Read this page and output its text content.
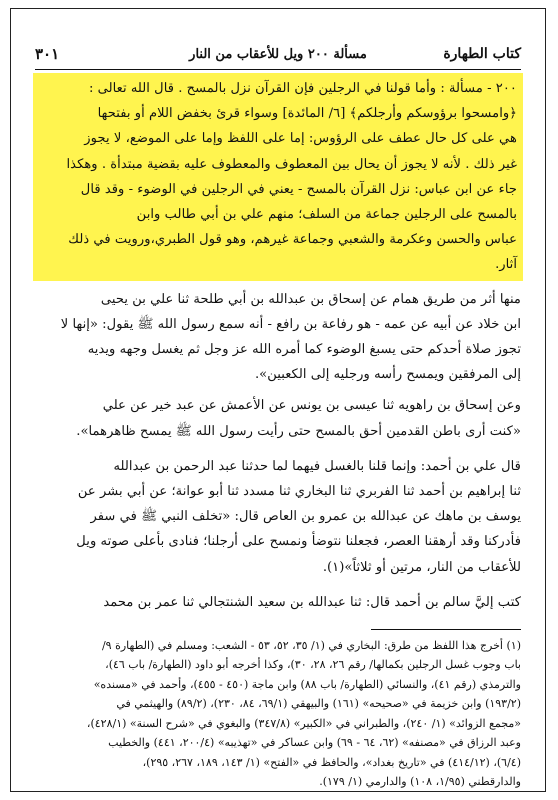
كتاب الطهارة
مسألة ٢٠٠ ويل للأعقاب من النار
٣٠١

٢٠٠ - مسألة : وأما قولنا في الرجلين فإن القرآن نزل بالمسح . قال الله تعالى :

﴿وامسحوا برؤوسكم وأرجلكم﴾ [٦/ المائدة] وسواء قرئ بخفض اللام أو بفتحها

هي على كل حال عطف على الرؤوس: إما على اللفظ وإما على الموضع، لا يجوز

غير ذلك . لأنه لا يجوز أن يحال بين المعطوف والمعطوف عليه بقضية مبتدأة . وهكذا

جاء عن ابن عباس: نزل القرآن بالمسح - يعني في الرجلين في الوضوء - وقد قال

بالمسح على الرجلين جماعة من السلف؛ منهم علي بن أبي طالب وابن

عباس والحسن وعكرمة والشعبي وجماعة غيرهم، وهو قول الطبري،ورويت في ذلك

آثار.

منها أثر من طريق همام عن إسحاق بن عبدالله بن أبي طلحة ثنا علي بن يحيى

ابن خلاد عن أبيه عن عمه - هو رفاعة بن رافع - أنه سمع رسول الله ﷺ يقول: «إنها لا

تجوز صلاة أحدكم حتى يسبغ الوضوء كما أمره الله عز وجل ثم يغسل وجهه ويديه

إلى المرفقين ويمسح رأسه ورجليه إلى الكعبين».

وعن إسحاق بن راهويه ثنا عيسى بن يونس عن الأعمش عن عبد خير عن علي

«كنت أرى باطن القدمين أحق بالمسح حتى رأيت رسول الله ﷺ يمسح ظاهرهما».

قال علي بن أحمد: وإنما قلنا بالغسل فيهما لما حدثنا عبد الرحمن بن عبدالله

ثنا إبراهيم بن أحمد ثنا الفربري ثنا البخاري ثنا مسدد ثنا أبو عوانة؛ عن أبي بشر عن

يوسف بن ماهك عن عبدالله بن عمرو بن العاص قال: «تخلف النبي ﷺ في سفر

فأدركنا وقد أرهقنا العصر، فجعلنا نتوضأ ونمسح على أرجلنا؛ فنادى بأعلى صوته ويل

للأعقاب من النار، مرتين أو ثلاثاً»(١).

كتب إليَّ سالم بن أحمد قال: ثنا عبدالله بن سعيد الشنتجالي ثنا عمر بن محمد

(١) أخرج هذا اللفظ من طرق: البخاري في (١/ ٣٥، ٥٢، ٥٣ - الشعب: ومسلم في (الطهارة ٩/

باب وجوب غسل الرجلين بكمالها/ رقم ٢٦، ٢٨، ٣٠)، وكذا أخرجه أبو داود (الطهارة/ باب ٤٦)،

والترمذي (رقم ٤١)، والنسائي (الطهارة/ باب ٨٨) وابن ماجة (٤٥٠ - ٤٥٥)، وأحمد في «مسنده»

(١٩٣/٢) وابن خزيمة في «صحيحه» (١٦١) والبيهقي (٦٩/١، ٨٤، ٢٣٠)، (٨٩/٢) والهيثمي في

«مجمع الزوائد» (١/ ٢٤٠)، والطبراني في «الكبير» (٣٤٧/٨) والبغوي في «شرح السنة» (٤٢٨/١)،

وعبد الرزاق في «مصنفه» (٦٢، ٦٤ - ٦٩) وابن عساكر في «تهذيبه» (٢٠٠/٤، ٤٤١) والخطيب

(٦/٤)، (٤١٤/١٢) في «تاريخ بغداد»، والحافظ في «الفتح» (١/ ١٤٣، ١٨٩، ٢٦٧، ٢٩٥)،

والدارقطني (١/٩٥، ١٠٨) والدارمي (١/ ١٧٩).
